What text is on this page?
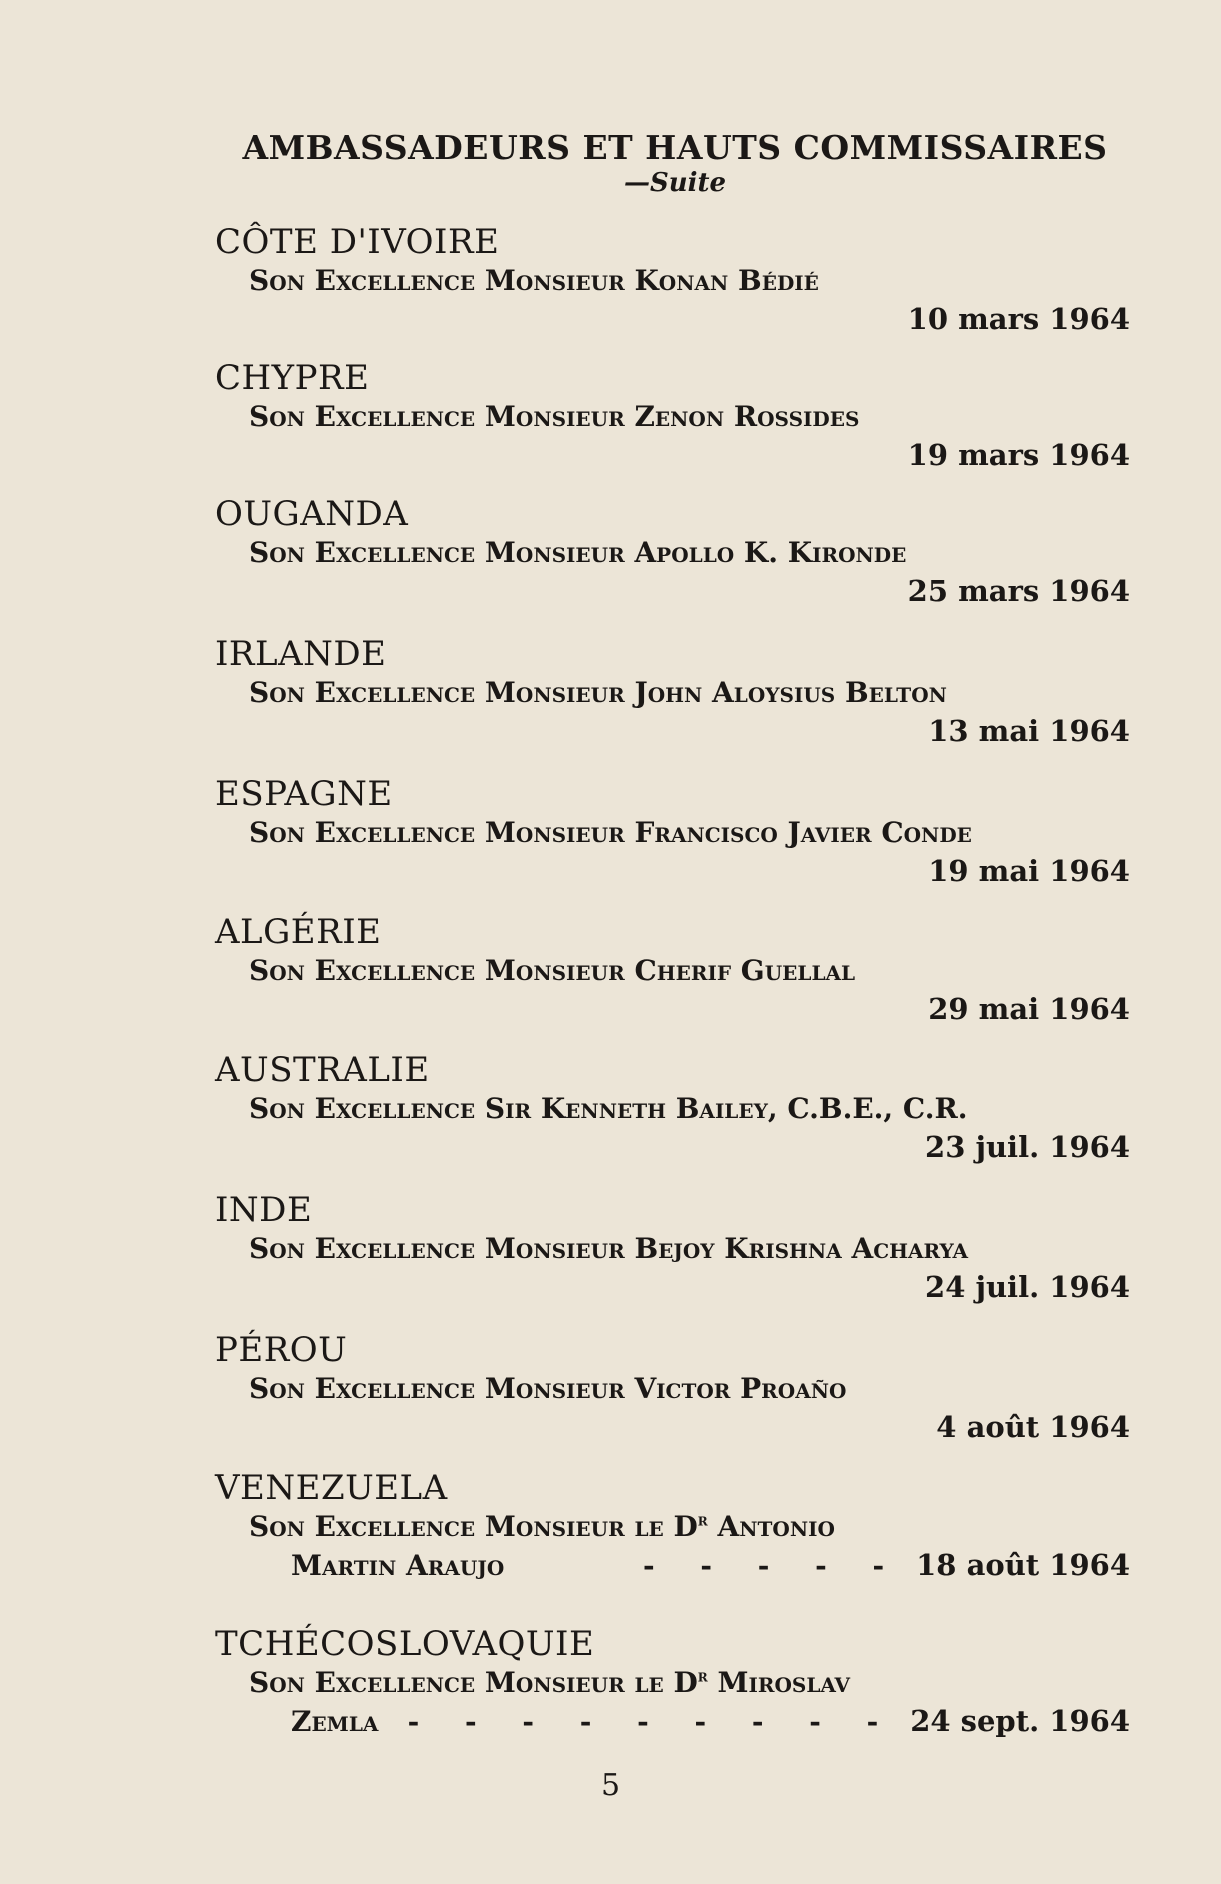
AMBASSADEURS ET HAUTS COMMISSAIRES
—Suite
CÔTE D'IVOIRE
Son Excellence Monsieur Konan Bédié
10 mars 1964
CHYPRE
Son Excellence Monsieur Zenon Rossides
19 mars 1964
OUGANDA
Son Excellence Monsieur Apollo K. Kironde
25 mars 1964
IRLANDE
Son Excellence Monsieur John Aloysius Belton
13 mai 1964
ESPAGNE
Son Excellence Monsieur Francisco Javier Conde
19 mai 1964
ALGÉRIE
Son Excellence Monsieur Cherif Guellal
29 mai 1964
AUSTRALIE
Son Excellence Sir Kenneth Bailey, C.B.E., C.R.
23 juil. 1964
INDE
Son Excellence Monsieur Bejoy Krishna Acharya
24 juil. 1964
PÉROU
Son Excellence Monsieur Victor Proaño
4 août 1964
VENEZUELA
Son Excellence Monsieur le $D^r$ Antonio
Martin Araujo	- - - - - 18 août 1964
TCHÉCOSLOVAQUIE
Son Excellence Monsieur le $D^r$ Miroslav
Zemla	- - - - - - - - - 24 sept. 1964
5
